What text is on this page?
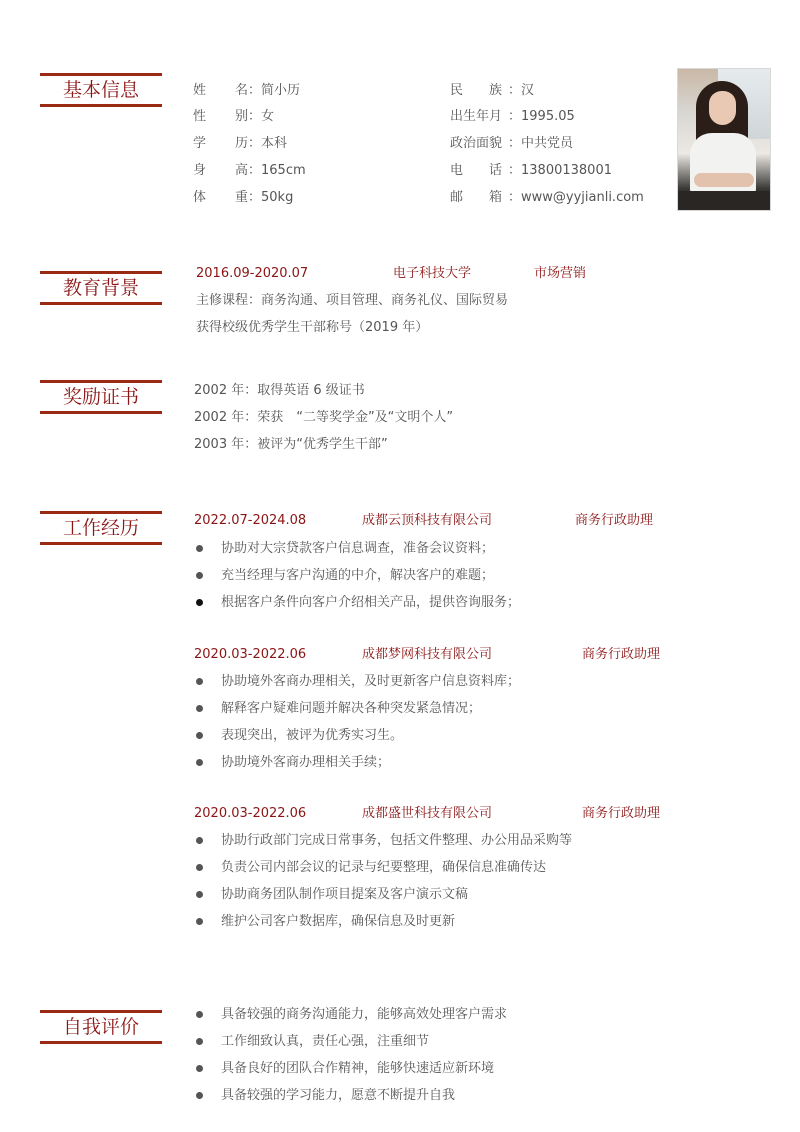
基本信息	姓 名 ：简小历
性 别 ：女
学 历 ：本科
身 高 ：165cm
体 重 ：50kg
民　　族 ：汉
出生年月 ：1995.05
政治面貌 ：中共党员
电　　话 ：13800138001
邮　　箱 ：www@yyjianli.com
教育背景
2016.09-2020.07	电子科技大学	市场营销
主修课程：商务沟通、项目管理、商务礼仪、国际贸易
获得校级优秀学生干部称号（2019 年）
奖励证书	2002 年：取得英语 6 级证书
2002 年：荣获　“二等奖学金”及“文明个人”
2003 年：被评为“优秀学生干部”
工作经历	2022.07-2024.08	成都云顶科技有限公司	商务行政助理
协助对大宗贷款客户信息调查，准备会议资料；
充当经理与客户沟通的中介，解决客户的难题；
根据客户条件向客户介绍相关产品，提供咨询服务；
2020.03-2022.06	成都梦网科技有限公司	商务行政助理
协助境外客商办理相关，及时更新客户信息资料库；
解释客户疑难问题并解决各种突发紧急情况；
表现突出，被评为优秀实习生。
协助境外客商办理相关手续；
2020.03-2022.06	成都盛世科技有限公司	商务行政助理
协助行政部门完成日常事务，包括文件整理、办公用品采购等
负责公司内部会议的记录与纪要整理，确保信息准确传达
协助商务团队制作项目提案及客户演示文稿
维护公司客户数据库，确保信息及时更新
自我评价
具备较强的商务沟通能力，能够高效处理客户需求
工作细致认真，责任心强，注重细节
具备良好的团队合作精神，能够快速适应新环境
具备较强的学习能力，愿意不断提升自我
